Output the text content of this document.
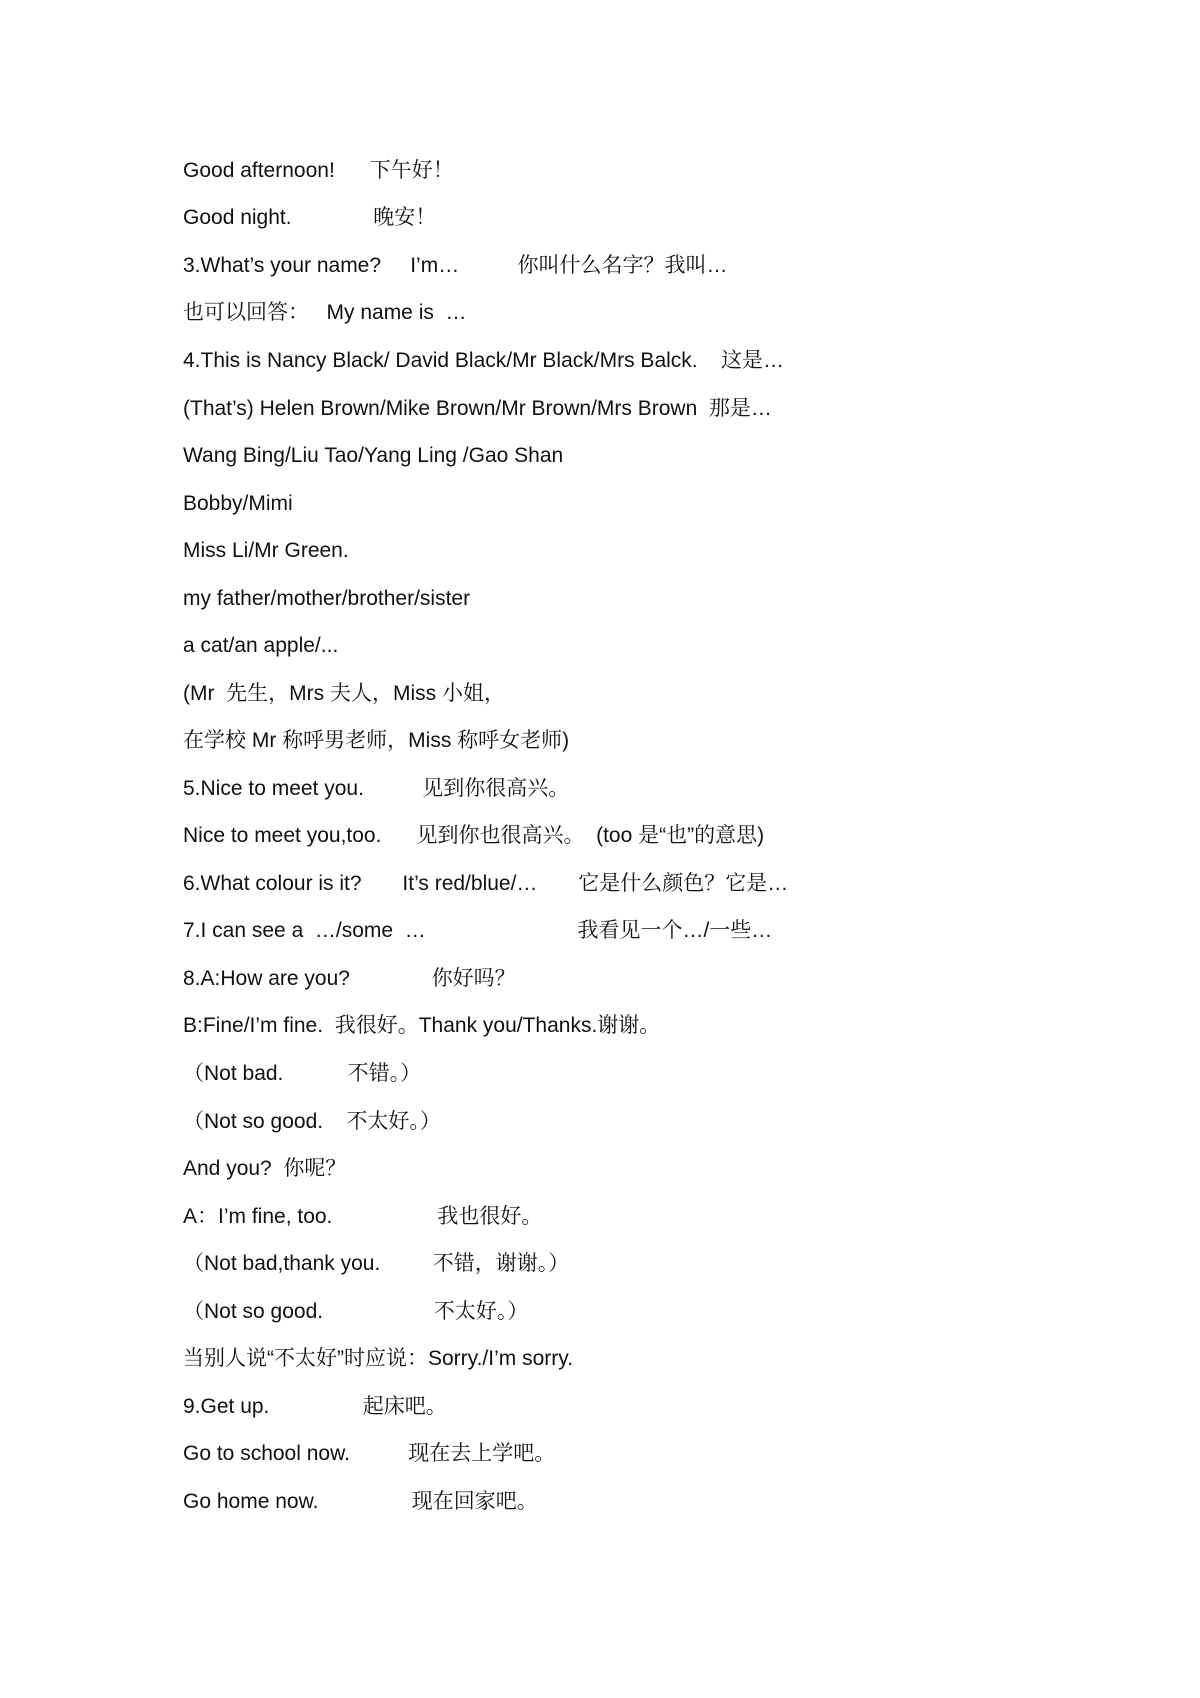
Good afternoon!      下午好！
Good night.              晚安！
3.What’s your name?     I’m…          你叫什么名字？我叫…
也可以回答：   My name is  …
4.This is Nancy Black/ David Black/Mr Black/Mrs Balck.    这是…
(That’s) Helen Brown/Mike Brown/Mr Brown/Mrs Brown  那是…
Wang Bing/Liu Tao/Yang Ling /Gao Shan
Bobby/Mimi
Miss Li/Mr Green.
my father/mother/brother/sister
a cat/an apple/...
(Mr  先生，Mrs 夫人，Miss 小姐，
在学校 Mr 称呼男老师，Miss 称呼女老师)
5.Nice to meet you.          见到你很高兴。
Nice to meet you,too.      见到你也很高兴。  (too 是“也”的意思)
6.What colour is it?       It’s red/blue/…       它是什么颜色？它是…
7.I can see a  …/some  …                          我看见一个…/一些…
8.A:How are you?              你好吗？
B:Fine/I’m fine.  我很好。Thank you/Thanks.谢谢。
（Not bad.           不错。）
（Not so good.    不太好。）
And you?  你呢？
A：I’m fine, too.                  我也很好。
（Not bad,thank you.         不错，谢谢。）
（Not so good.                   不太好。）
当别人说“不太好”时应说：Sorry./I’m sorry.
9.Get up.                起床吧。
Go to school now.          现在去上学吧。
Go home now.                现在回家吧。
